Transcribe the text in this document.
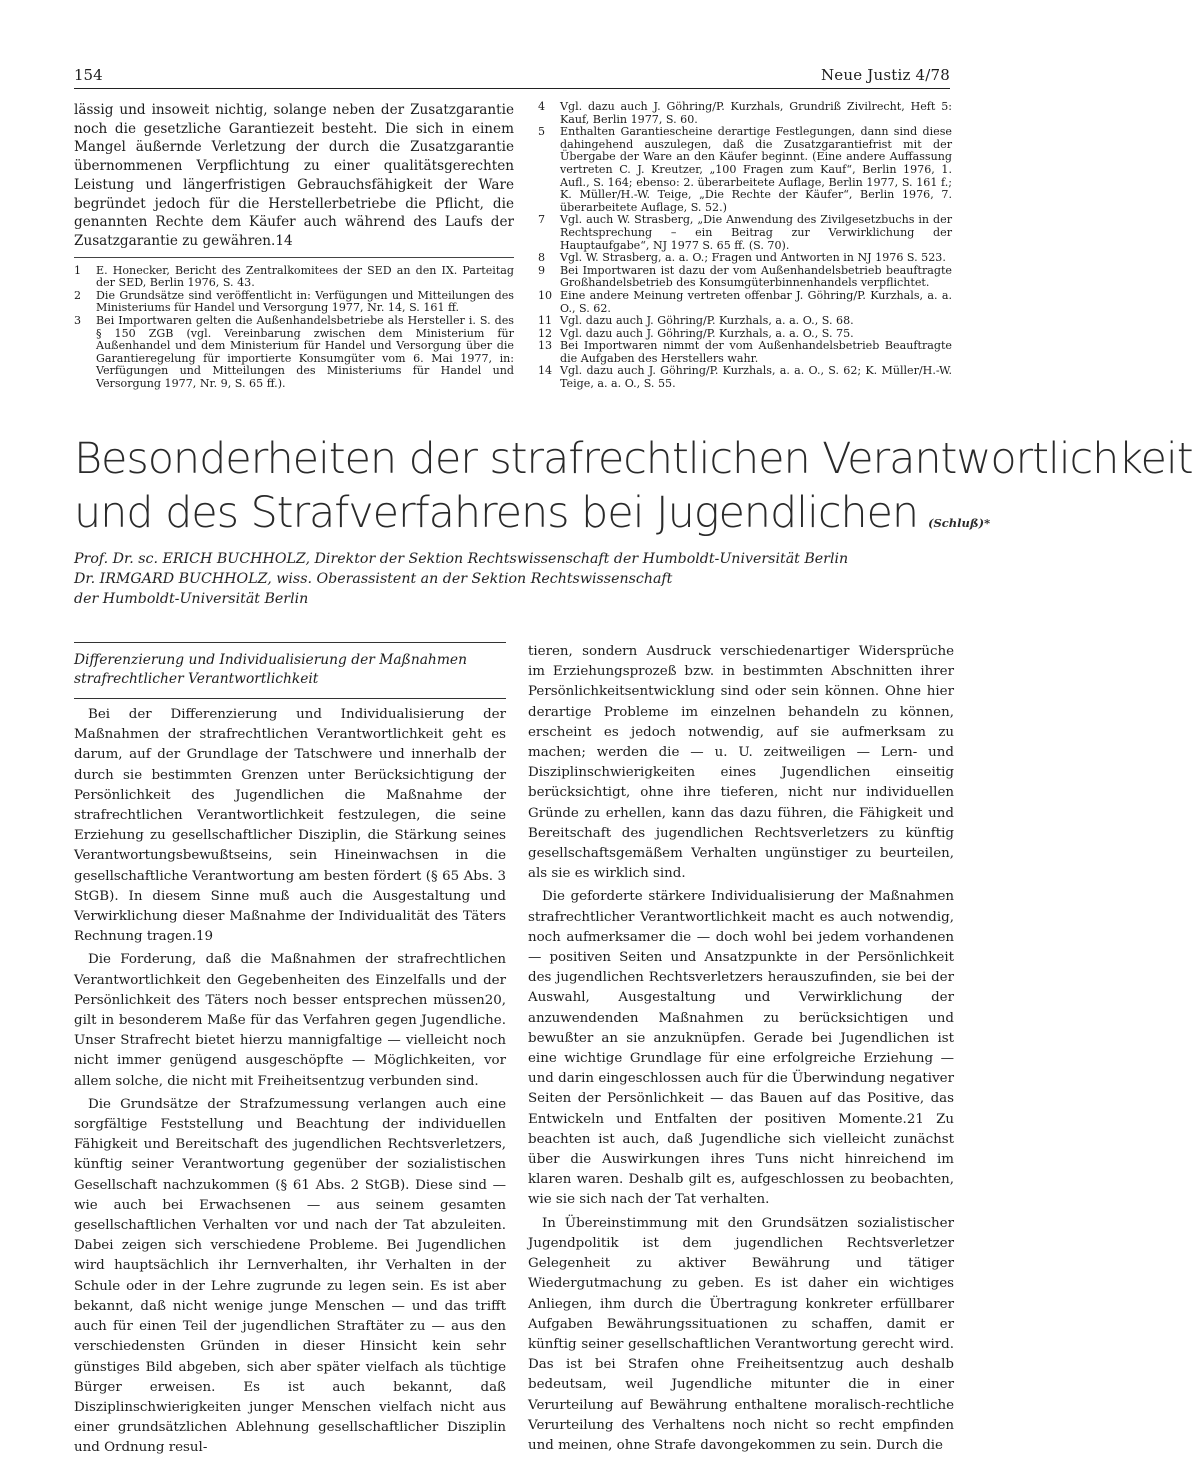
154	Neue Justiz 4/78

lässig und insoweit nichtig, solange neben der Zusatzgarantie noch die gesetzliche Garantiezeit besteht. Die sich in einem Mangel äußernde Verletzung der durch die Zusatzgarantie übernommenen Verpflichtung zu einer qualitätsgerechten Leistung und längerfristigen Gebrauchsfähigkeit der Ware begründet jedoch für die Herstellerbetriebe die Pflicht, die genannten Rechte dem Käufer auch während des Laufs der Zusatzgarantie zu gewähren.14

1	E. Honecker, Bericht des Zentralkomitees der SED an den IX. Parteitag der SED, Berlin 1976, S. 43.
2	Die Grundsätze sind veröffentlicht in: Verfügungen und Mitteilungen des Ministeriums für Handel und Versorgung 1977, Nr. 14, S. 161 ff.
3	Bei Importwaren gelten die Außenhandelsbetriebe als Hersteller i. S. des § 150 ZGB (vgl. Vereinbarung zwischen dem Ministerium für Außenhandel und dem Ministerium für Handel und Versorgung über die Garantieregelung für importierte Konsumgüter vom 6. Mai 1977, in: Verfügungen und Mitteilungen des Ministeriums für Handel und Versorgung 1977, Nr. 9, S. 65 ff.).
4	Vgl. dazu auch J. Göhring/P. Kurzhals, Grundriß Zivilrecht, Heft 5: Kauf, Berlin 1977, S. 60.
5	Enthalten Garantiescheine derartige Festlegungen, dann sind diese dahingehend auszulegen, daß die Zusatzgarantiefrist mit der Übergabe der Ware an den Käufer beginnt. (Eine andere Auffassung vertreten C. J. Kreutzer, „100 Fragen zum Kauf“, Berlin 1976, 1. Aufl., S. 164; ebenso: 2. überarbeitete Auflage, Berlin 1977, S. 161 f.; K. Müller/H.-W. Teige, „Die Rechte der Käufer“, Berlin 1976, 7. überarbeitete Auflage, S. 52.)
7	Vgl. auch W. Strasberg, „Die Anwendung des Zivilgesetzbuchs in der Rechtsprechung – ein Beitrag zur Verwirklichung der Hauptaufgabe“, NJ 1977 S. 65 ff. (S. 70).
8	Vgl. W. Strasberg, a. a. O.; Fragen und Antworten in NJ 1976 S. 523.
9	Bei Importwaren ist dazu der vom Außenhandelsbetrieb beauftragte Großhandelsbetrieb des Konsumgüterbinnenhandels verpflichtet.
10 Eine andere Meinung vertreten offenbar J. Göhring/P. Kurzhals, a. a. O., S. 62.
11 Vgl. dazu auch J. Göhring/P. Kurzhals, a. a. O., S. 68.
12 Vgl. dazu auch J. Göhring/P. Kurzhals, a. a. O., S. 75.
13 Bei Importwaren nimmt der vom Außenhandelsbetrieb Beauftragte die Aufgaben des Herstellers wahr.
14 Vgl. dazu auch J. Göhring/P. Kurzhals, a. a. O., S. 62; K. Müller/H.-W. Teige, a. a. O., S. 55.
Besonderheiten der strafrechtlichen Verantwortlichkeit
und des Strafverfahrens bei Jugendlichen (Schluß)*

Prof. Dr. sc. ERICH BUCHHOLZ, Direktor der Sektion Rechtswissenschaft der Humboldt-Universität Berlin

Dr. IRMGARD BUCHHOLZ, wiss. Oberassistent an der Sektion Rechtswissenschaft

der Humboldt-Universität Berlin

Differenzierung und Individualisierung der Maßnahmen strafrechtlicher Verantwortlichkeit

Bei der Differenzierung und Individualisierung der Maßnahmen der strafrechtlichen Verantwortlichkeit geht es darum, auf der Grundlage der Tatschwere und innerhalb der durch sie bestimmten Grenzen unter Berücksichtigung der Persönlichkeit des Jugendlichen die Maßnahme der strafrechtlichen Verantwortlichkeit festzulegen, die seine Erziehung zu gesellschaftlicher Disziplin, die Stärkung seines Verantwortungsbewußtseins, sein Hineinwachsen in die gesellschaftliche Verantwortung am besten fördert (§ 65 Abs. 3 StGB). In diesem Sinne muß auch die Ausgestaltung und Verwirklichung dieser Maßnahme der Individualität des Täters Rechnung tragen.19

Die Forderung, daß die Maßnahmen der strafrechtlichen Verantwortlichkeit den Gegebenheiten des Einzelfalls und der Persönlichkeit des Täters noch besser entsprechen müssen20, gilt in besonderem Maße für das Verfahren gegen Jugendliche. Unser Strafrecht bietet hierzu mannigfaltige — vielleicht noch nicht immer genügend ausgeschöpfte — Möglichkeiten, vor allem solche, die nicht mit Freiheitsentzug verbunden sind.

Die Grundsätze der Strafzumessung verlangen auch eine sorgfältige Feststellung und Beachtung der individuellen Fähigkeit und Bereitschaft des jugendlichen Rechtsverletzers, künftig seiner Verantwortung gegenüber der sozialistischen Gesellschaft nachzukommen (§ 61 Abs. 2 StGB). Diese sind — wie auch bei Erwachsenen — aus seinem gesamten gesellschaftlichen Verhalten vor und nach der Tat abzuleiten. Dabei zeigen sich verschiedene Probleme. Bei Jugendlichen wird hauptsächlich ihr Lernverhalten, ihr Verhalten in der Schule oder in der Lehre zugrunde zu legen sein. Es ist aber bekannt, daß nicht wenige junge Menschen — und das trifft auch für einen Teil der jugendlichen Straftäter zu — aus den verschiedensten Gründen in dieser Hinsicht kein sehr günstiges Bild abgeben, sich aber später vielfach als tüchtige Bürger erweisen. Es ist auch bekannt, daß Disziplinschwierigkeiten junger Menschen vielfach nicht aus einer grundsätzlichen Ablehnung gesellschaftlicher Disziplin und Ordnung resul-

tieren, sondern Ausdruck verschiedenartiger Widersprüche im Erziehungsprozeß bzw. in bestimmten Abschnitten ihrer Persönlichkeitsentwicklung sind oder sein können. Ohne hier derartige Probleme im einzelnen behandeln zu können, erscheint es jedoch notwendig, auf sie aufmerksam zu machen; werden die — u. U. zeitweiligen — Lern- und Disziplinschwierigkeiten eines Jugendlichen einseitig berücksichtigt, ohne ihre tieferen, nicht nur individuellen Gründe zu erhellen, kann das dazu führen, die Fähigkeit und Bereitschaft des jugendlichen Rechtsverletzers zu künftig gesellschaftsgemäßem Verhalten ungünstiger zu beurteilen, als sie es wirklich sind.

Die geforderte stärkere Individualisierung der Maßnahmen strafrechtlicher Verantwortlichkeit macht es auch notwendig, noch aufmerksamer die — doch wohl bei jedem vorhandenen — positiven Seiten und Ansatzpunkte in der Persönlichkeit des jugendlichen Rechtsverletzers herauszufinden, sie bei der Auswahl, Ausgestaltung und Verwirklichung der anzuwendenden Maßnahmen zu berücksichtigen und bewußter an sie anzuknüpfen. Gerade bei Jugendlichen ist eine wichtige Grundlage für eine erfolgreiche Erziehung — und darin eingeschlossen auch für die Überwindung negativer Seiten der Persönlichkeit — das Bauen auf das Positive, das Entwickeln und Entfalten der positiven Momente.21 Zu beachten ist auch, daß Jugendliche sich vielleicht zunächst über die Auswirkungen ihres Tuns nicht hinreichend im klaren waren. Deshalb gilt es, aufgeschlossen zu beobachten, wie sie sich nach der Tat verhalten.

In Übereinstimmung mit den Grundsätzen sozialistischer Jugendpolitik ist dem jugendlichen Rechtsverletzer Gelegenheit zu aktiver Bewährung und tätiger Wiedergutmachung zu geben. Es ist daher ein wichtiges Anliegen, ihm durch die Übertragung konkreter erfüllbarer Aufgaben Bewährungssituationen zu schaffen, damit er künftig seiner gesellschaftlichen Verantwortung gerecht wird. Das ist bei Strafen ohne Freiheitsentzug auch deshalb bedeutsam, weil Jugendliche mitunter die in einer Verurteilung auf Bewährung enthaltene moralisch-rechtliche Verurteilung des Verhaltens noch nicht so recht empfinden und meinen, ohne Strafe davongekommen zu sein. Durch die
